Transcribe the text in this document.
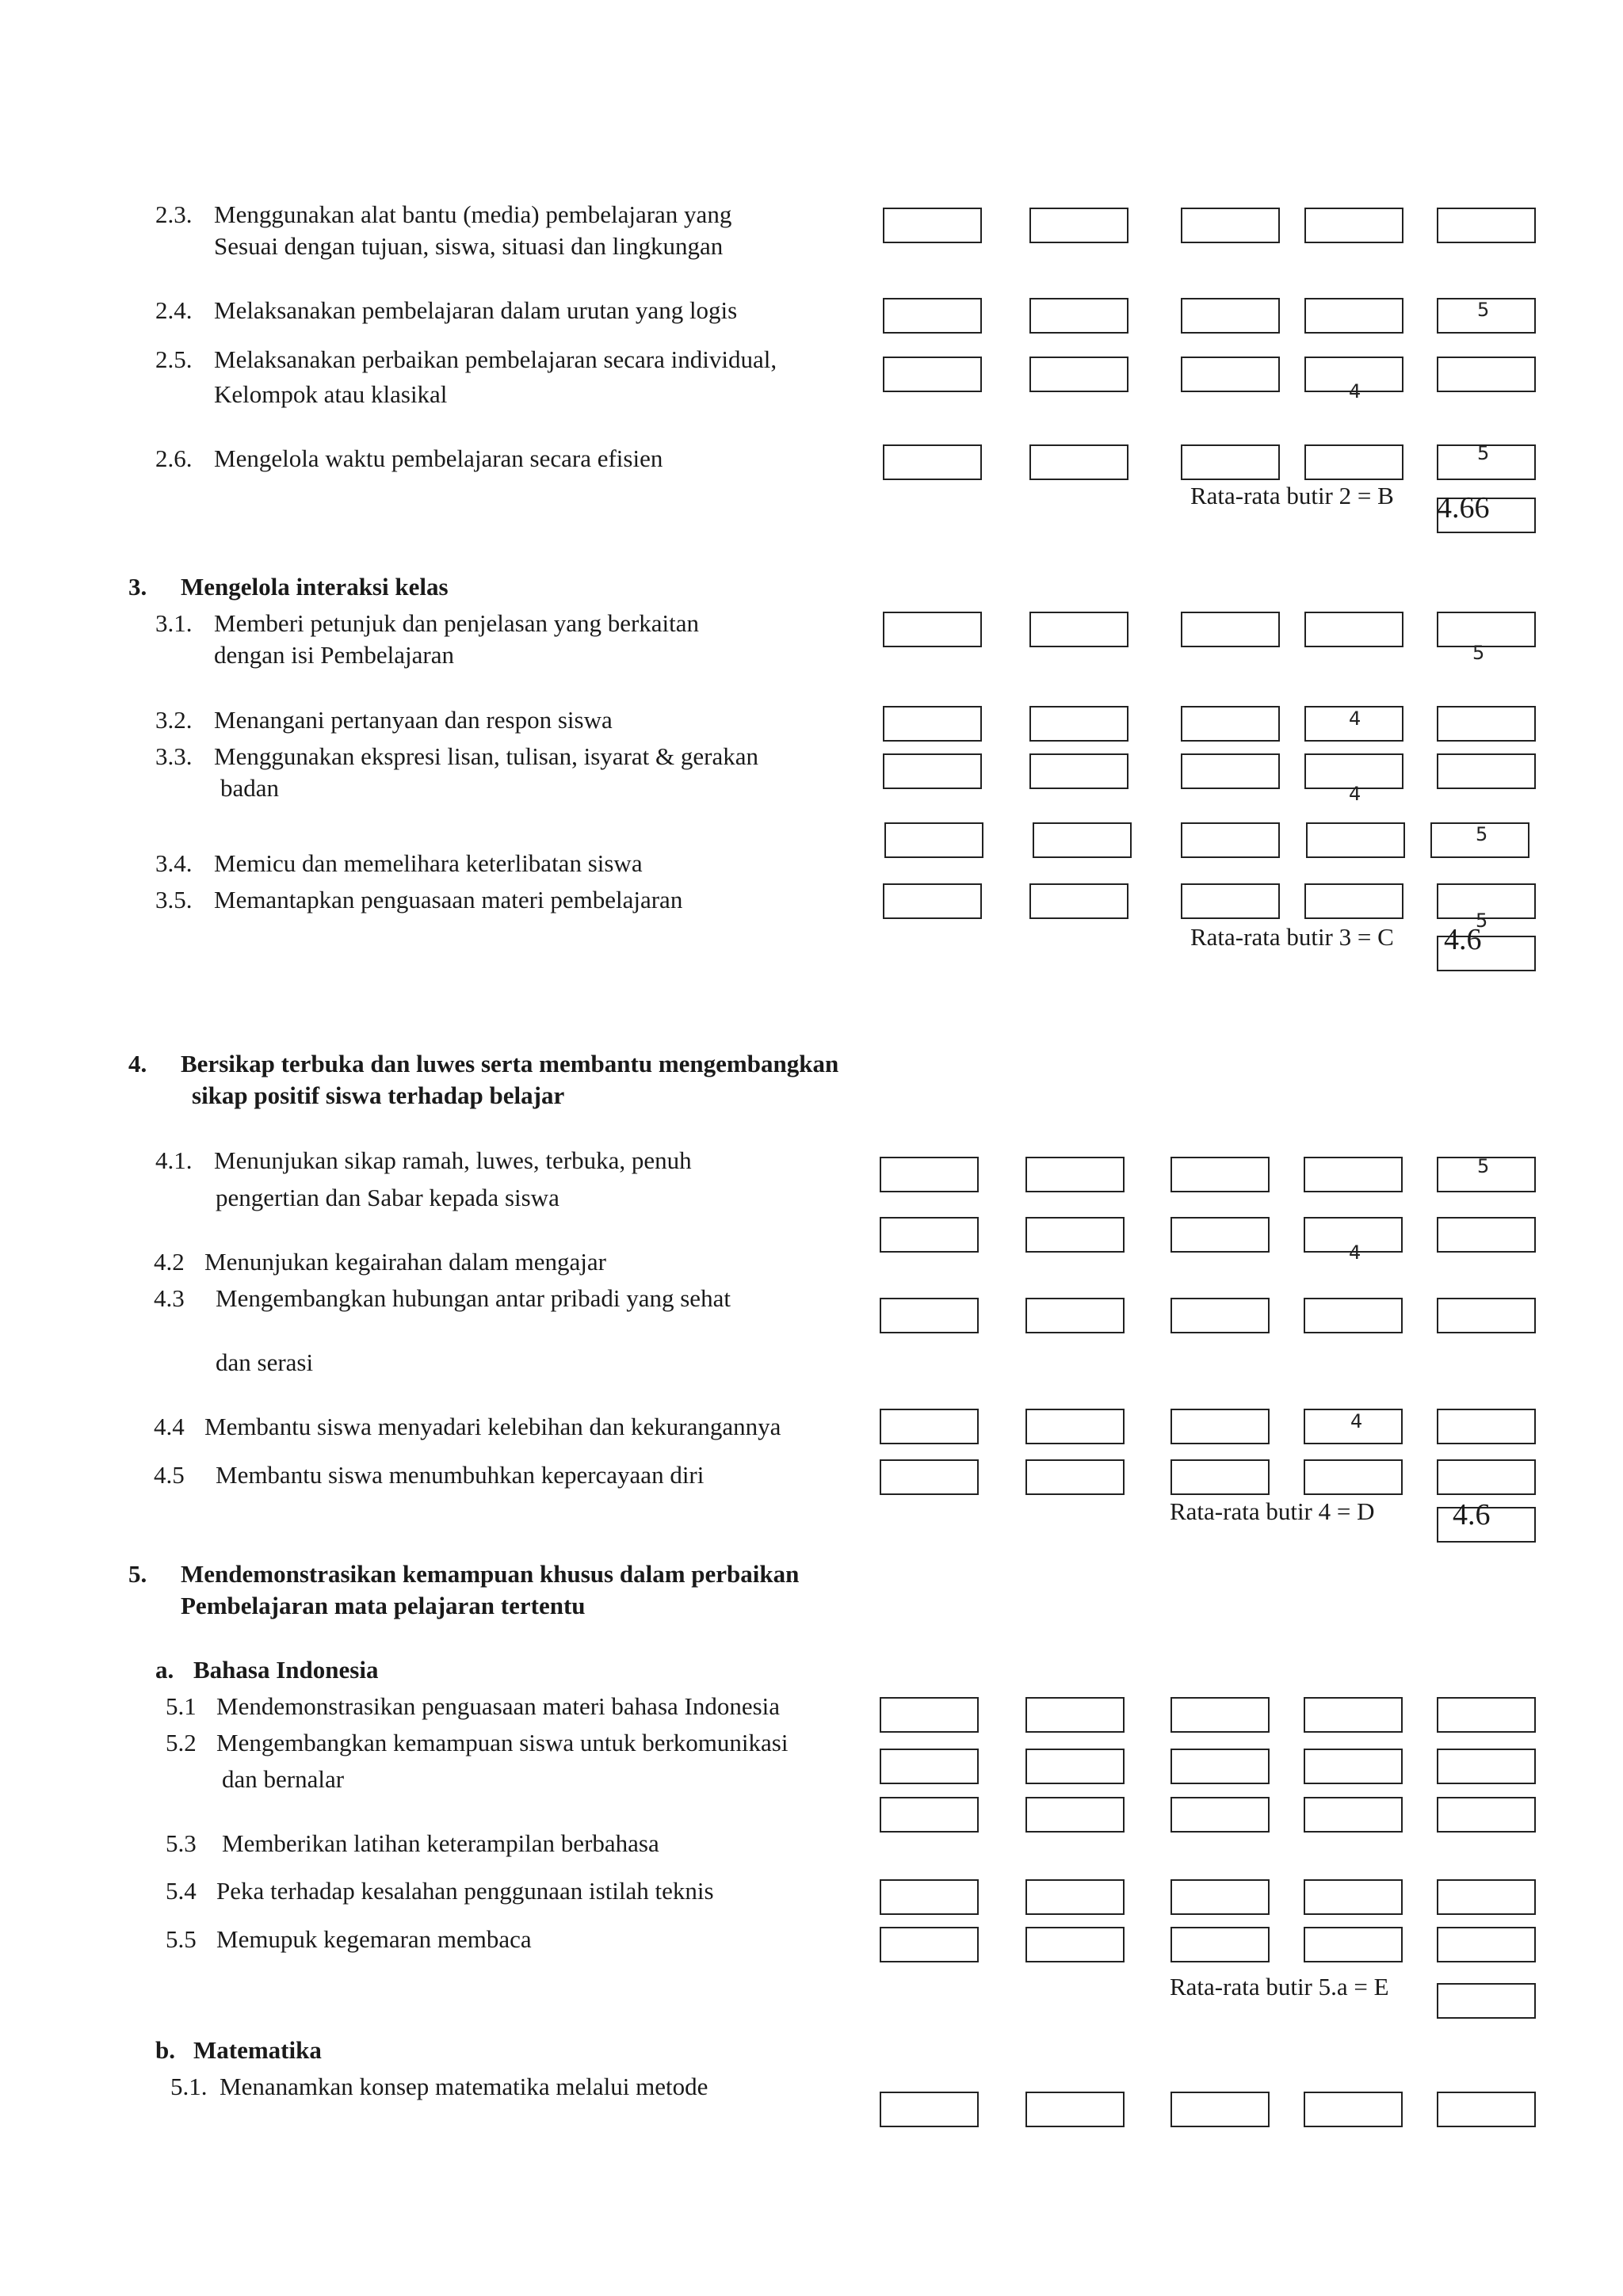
2.3. Menggunakan alat bantu (media) pembelajaran yang
Sesuai dengan tujuan, siswa, situasi dan lingkungan
2.4. Melaksanakan pembelajaran dalam urutan yang logis
2.5. Melaksanakan perbaikan pembelajaran secara individual,
Kelompok atau klasikal
2.6. Mengelola waktu pembelajaran secara efisien
5
4
5
Rata-rata butir 2 = B 4.66
3. Mengelola interaksi kelas
3.1. Memberi petunjuk dan penjelasan yang berkaitan
dengan isi Pembelajaran
3.2. Menangani pertanyaan dan respon siswa
3.3. Menggunakan ekspresi lisan, tulisan, isyarat & gerakan
badan
3.4. Memicu dan memelihara keterlibatan siswa
3.5. Memantapkan penguasaan materi pembelajaran
5
4
4
5
5
Rata-rata butir 3 = C 4.6
4. Bersikap terbuka dan luwes serta membantu mengembangkan
sikap positif siswa terhadap belajar
4.1. Menunjukan sikap ramah, luwes, terbuka, penuh
pengertian dan Sabar kepada siswa
4.2 Menunjukan kegairahan dalam mengajar
4.3 Mengembangkan hubungan antar pribadi yang sehat
dan serasi
4.4 Membantu siswa menyadari kelebihan dan kekurangannya
4.5 Membantu siswa menumbuhkan kepercayaan diri
5
4
4
Rata-rata butir 4 = D	4.6
5. Mendemonstrasikan kemampuan khusus dalam perbaikan
Pembelajaran mata pelajaran tertentu
a. Bahasa Indonesia
5.1 Mendemonstrasikan penguasaan materi bahasa Indonesia
5.2 Mengembangkan kemampuan siswa untuk berkomunikasi
dan bernalar
5.3 Memberikan latihan keterampilan berbahasa
5.4 Peka terhadap kesalahan penggunaan istilah teknis
5.5 Memupuk kegemaran membaca
Rata-rata butir 5.a = E
b. Matematika
5.1. Menanamkan konsep matematika melalui metode
